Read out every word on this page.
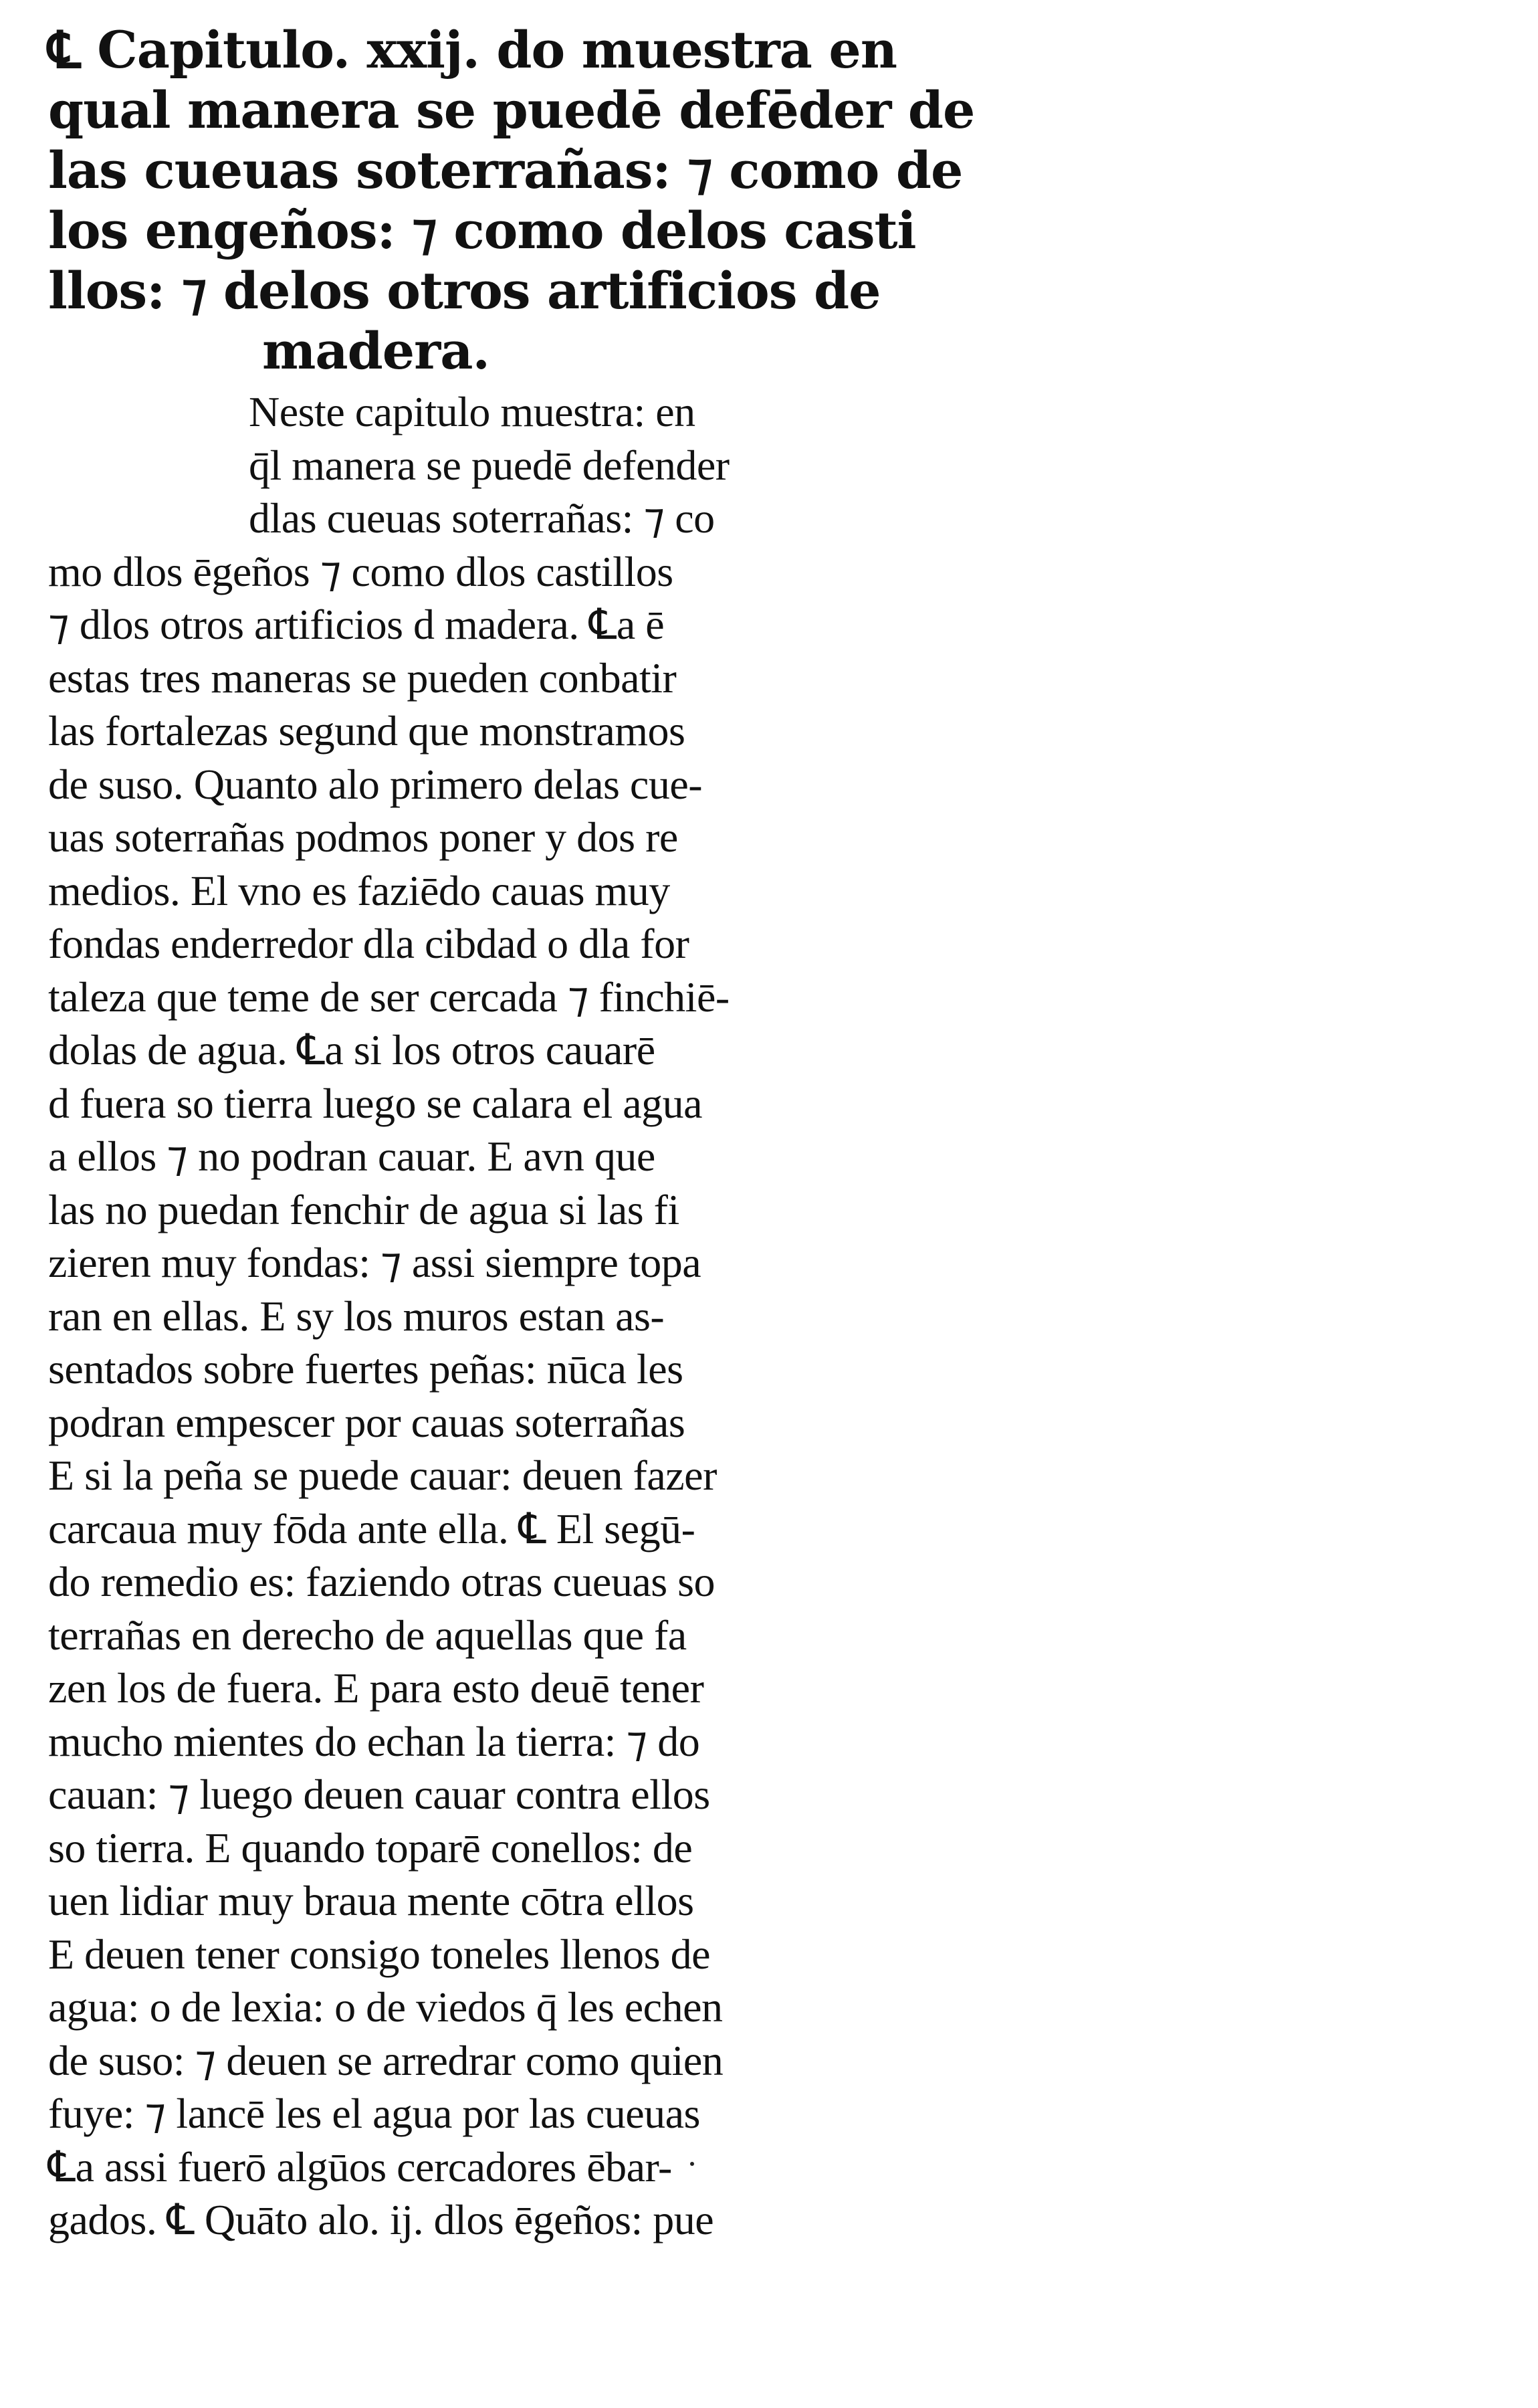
℄ Capitulo. xxij. do muestra en
qual manera se puedē defēder de
las cueuas soterrañas: ⁊ como de
los engeños: ⁊ como delos casti
llos: ⁊ delos otros artificios de
madera.
Neste capitulo muestra: en
q̄l manera se puedē defender
dlas cueuas soterrañas: ⁊ co
mo dlos ēgeños ⁊ como dlos castillos
⁊ dlos otros artificios d madera. ℄a ē
estas tres maneras se pueden conbatir
las fortalezas segund que monstramos
de suso. Quanto alo primero delas cue-
uas soterrañas podmos poner y dos re
medios. El vno es faziēdo cauas muy
fondas enderredor dla cibdad o dla for
taleza que teme de ser cercada ⁊ finchiē-
dolas de agua. ℄a si los otros cauarē
d fuera so tierra luego se calara el agua
a ellos ⁊ no podran cauar. E avn que
las no puedan fenchir de agua si las fi
zieren muy fondas: ⁊ assi siempre topa
ran en ellas. E sy los muros estan as-
sentados sobre fuertes peñas: nūca les
podran empescer por cauas soterrañas
E si la peña se puede cauar: deuen fazer
carcaua muy fōda ante ella. ℄ El segū-
do remedio es: faziendo otras cueuas so
terrañas en derecho de aquellas que fa
zen los de fuera. E para esto deuē tener
mucho mientes do echan la tierra: ⁊ do
cauan: ⁊ luego deuen cauar contra ellos
so tierra. E quando toparē conellos: de
uen lidiar muy braua mente cōtra ellos
E deuen tener consigo toneles llenos de
agua: o de lexia: o de viedos q̄ les echen
de suso: ⁊ deuen se arredrar como quien
fuye: ⁊ lancē les el agua por las cueuas
℄a assi fuerō algūos cercadores ēbar-
gados. ℄ Quāto alo. ij. dlos ēgeños: pue
